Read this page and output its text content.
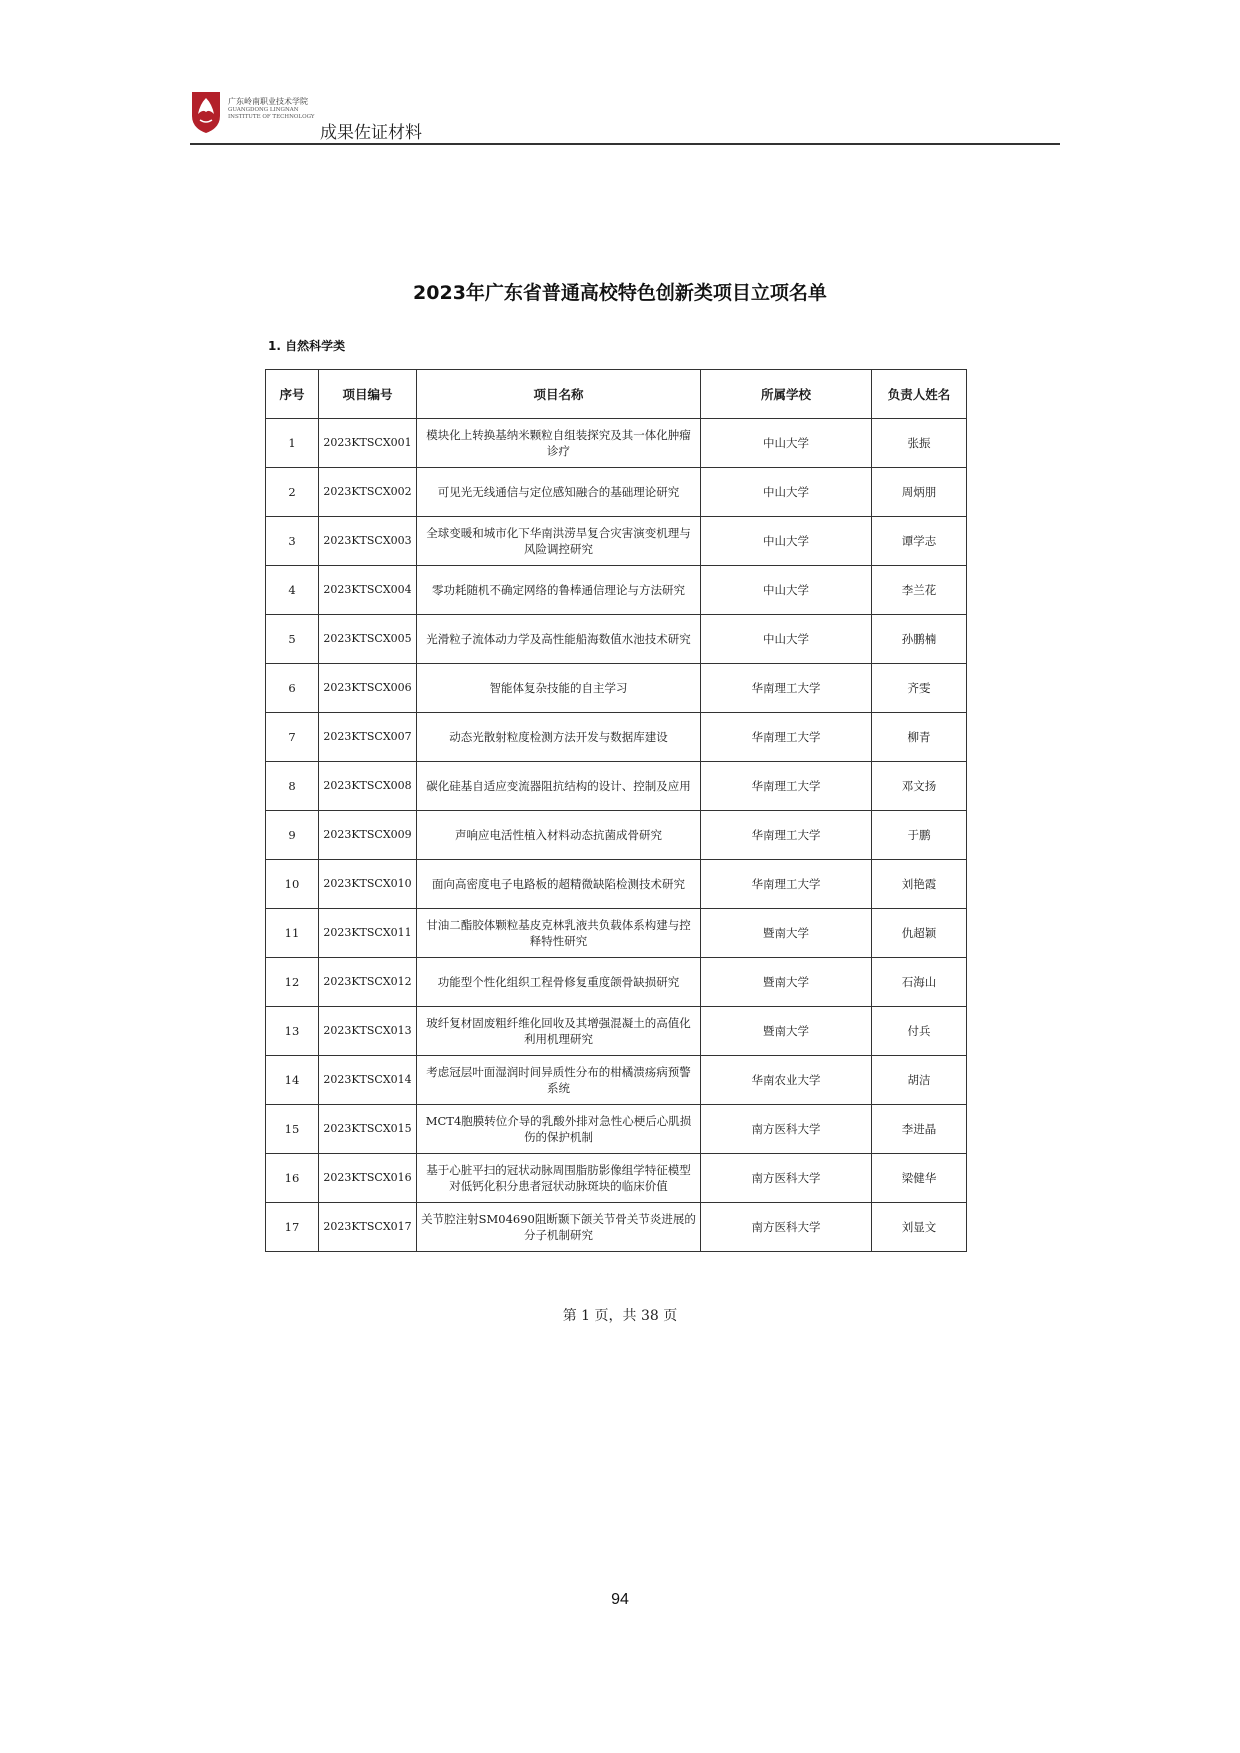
广东岭南职业技术学院
GUANGDONG LINGNAN
INSTITUTE OF TECHNOLOGY
成果佐证材料
2023年广东省普通高校特色创新类项目立项名单
1. 自然科学类
序号	项目编号	项目名称	所属学校	负责人姓名
1	2023KTSCX001	模块化上转换基纳米颗粒自组装探究及其一体化肿瘤诊疗	中山大学	张振
2	2023KTSCX002	可见光无线通信与定位感知融合的基础理论研究	中山大学	周炳朋
3	2023KTSCX003	全球变暖和城市化下华南洪涝旱复合灾害演变机理与风险调控研究	中山大学	谭学志
4	2023KTSCX004	零功耗随机不确定网络的鲁棒通信理论与方法研究	中山大学	李兰花
5	2023KTSCX005	光滑粒子流体动力学及高性能船海数值水池技术研究	中山大学	孙鹏楠
6	2023KTSCX006	智能体复杂技能的自主学习	华南理工大学	齐雯
7	2023KTSCX007	动态光散射粒度检测方法开发与数据库建设	华南理工大学	柳青
8	2023KTSCX008	碳化硅基自适应变流器阻抗结构的设计、控制及应用	华南理工大学	邓文扬
9	2023KTSCX009	声响应电活性植入材料动态抗菌成骨研究	华南理工大学	于鹏
10	2023KTSCX010	面向高密度电子电路板的超精微缺陷检测技术研究	华南理工大学	刘艳霞
11	2023KTSCX011	甘油二酯胶体颗粒基皮克林乳液共负载体系构建与控释特性研究	暨南大学	仇超颖
12	2023KTSCX012	功能型个性化组织工程骨修复重度颌骨缺损研究	暨南大学	石海山
13	2023KTSCX013	玻纤复材固废粗纤维化回收及其增强混凝土的高值化利用机理研究	暨南大学	付兵
14	2023KTSCX014	考虑冠层叶面湿润时间异质性分布的柑橘溃疡病预警系统	华南农业大学	胡洁
15	2023KTSCX015	MCT4胞膜转位介导的乳酸外排对急性心梗后心肌损伤的保护机制	南方医科大学	李进晶
16	2023KTSCX016	基于心脏平扫的冠状动脉周围脂肪影像组学特征模型对低钙化积分患者冠状动脉斑块的临床价值	南方医科大学	梁健华
17	2023KTSCX017	关节腔注射SM04690阻断颞下颌关节骨关节炎进展的分子机制研究	南方医科大学	刘显文
第 1 页，共 38 页
94
